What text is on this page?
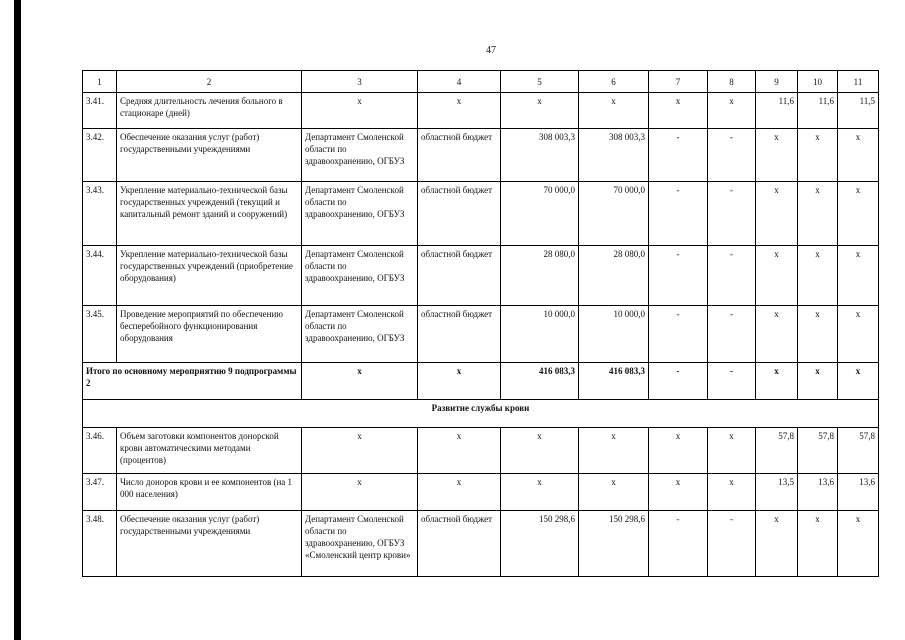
47
1	2	3	4	5	6	7	8	9	10	11
3.41.	Средняя длительность лечения больного в стационаре (дней)	х	х	х	х	х	х	11,6	11,6	11,5
3.42.	Обеспечение оказания услуг (работ) государственными учреждениями	Департамент Смоленской области по здравоохранению, ОГБУЗ	областной бюджет	308 003,3	308 003,3	-	-	х	х	х
3.43.	Укрепление материально-технической базы государственных учреждений (текущий и капитальный ремонт зданий и сооружений)	Департамент Смоленской области по здравоохранению, ОГБУЗ	областной бюджет	70 000,0	70 000,0	-	-	х	х	х
3.44.	Укрепление материально-технической базы государственных учреждений (приобретение оборудования)	Департамент Смоленской области по здравоохранению, ОГБУЗ	областной бюджет	28 080,0	28 080,0	-	-	х	х	х
3.45.	Проведение мероприятий по обеспечению бесперебойного функционирования оборудования	Департамент Смоленской области по здравоохранению, ОГБУЗ	областной бюджет	10 000,0	10 000,0	-	-	х	х	х
Итого по основному мероприятию 9 подпрограммы 2		х	х	416 083,3	416 083,3	-	-	х	х	х
Развитие службы крови										
3.46.	Объем заготовки компонентов донорской крови автоматическими методами (процентов)	х	х	х	х	х	х	57,8	57,8	57,8
3.47.	Число доноров крови и ее компонентов (на 1 000 населения)	х	х	х	х	х	х	13,5	13,6	13,6
3.48.	Обеспечение оказания услуг (работ) государственными учреждениями	Департамент Смоленской области по здравоохранению, ОГБУЗ «Смоленский центр крови»	областной бюджет	150 298,6	150 298,6	-	-	х	х	х
